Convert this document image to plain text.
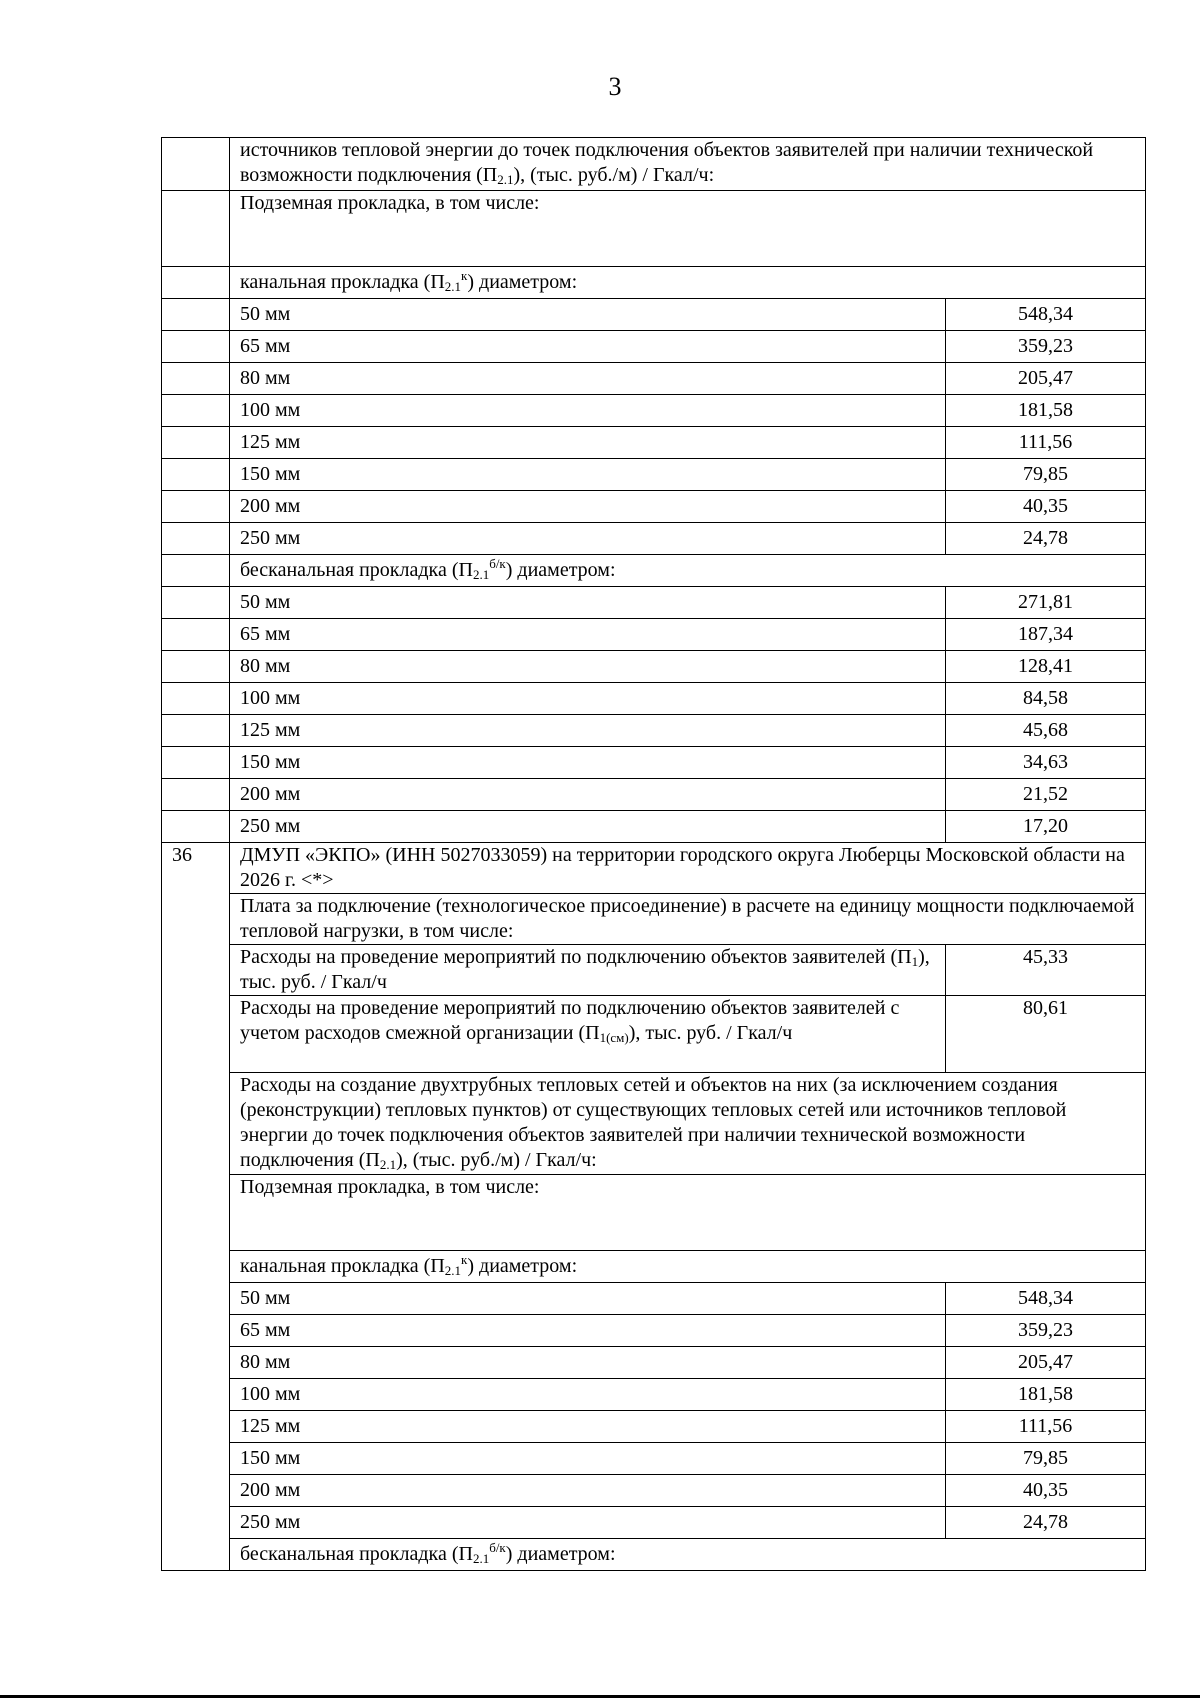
3
	источников тепловой энергии до точек подключения объектов заявителей при наличии технической возможности подключения $(П_{2.1})$, (тыс. руб./м) / Гкал/ч:	
	Подземная прокладка, в том числе:	
	канальная прокладка $(П_{2.1}^к)$ диаметром:	
	50 мм	548,34
	65 мм	359,23
	80 мм	205,47
	100 мм	181,58
	125 мм	111,56
	150 мм	79,85
	200 мм	40,35
	250 мм	24,78
	бесканальная прокладка $(П_{2.1}^{б/к})$ диаметром:	
	50 мм	271,81
	65 мм	187,34
	80 мм	128,41
	100 мм	84,58
	125 мм	45,68
	150 мм	34,63
	200 мм	21,52
	250 мм	17,20
36	ДМУП «ЭКПО» (ИНН 5027033059) на территории городского округа Люберцы Московской области на 2026 г. <*>	
	Плата за подключение (технологическое присоединение) в расчете на единицу мощности подключаемой тепловой нагрузки, в том числе:	
	Расходы на проведение мероприятий по подключению объектов заявителей $(П_1)$, тыс. руб. / Гкал/ч	45,33
	Расходы на проведение мероприятий по подключению объектов заявителей с учетом расходов смежной организации $(П_{1(см)})$, тыс. руб. / Гкал/ч	80,61
	Расходы на создание двухтрубных тепловых сетей и объектов на них (за исключением создания (реконструкции) тепловых пунктов) от существующих тепловых сетей или источников тепловой энергии до точек подключения объектов заявителей при наличии технической возможности подключения $(П_{2.1})$, (тыс. руб./м) / Гкал/ч:	
	Подземная прокладка, в том числе:	
	канальная прокладка $(П_{2.1}^к)$ диаметром:	
	50 мм	548,34
	65 мм	359,23
	80 мм	205,47
	100 мм	181,58
	125 мм	111,56
	150 мм	79,85
	200 мм	40,35
	250 мм	24,78
	бесканальная прокладка $(П_{2.1}^{б/к})$ диаметром:	
